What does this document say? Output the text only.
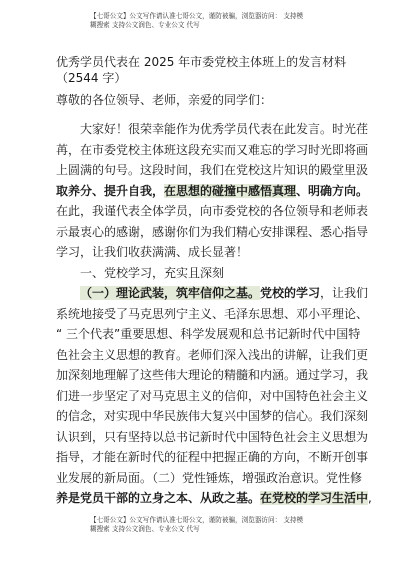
【七哥公文】公文写作请认准七哥公文，谨防被骗，浏览器访问： 支持模
糊搜索 支持公文润色、专业公文 代写
优秀学员代表在 2025 年市委党校主体班上的发言材料
（2544 字）
尊敬的各位领导、老师，亲爱的同学们：
大家好！很荣幸能作为优秀学员代表在此发言。时光荏
苒，在市委党校主体班这段充实而又难忘的学习时光即将画
上圆满的句号。这段时间，我们在党校这片知识的殿堂里汲
取养分、提升自我，在思想的碰撞中感悟真理、明确方向。
在此，我谨代表全体学员，向市委党校的各位领导和老师表
示最衷心的感谢，感谢你们为我们精心安排课程、悉心指导
学习，让我们收获满满、成长显著！
一、党校学习，充实且深刻
（一）理论武装，筑牢信仰之基。党校的学习，让我们
系统地接受了马克思列宁主义、毛泽东思想、邓小平理论、
“ 三个代表”重要思想、科学发展观和总书记新时代中国特
色社会主义思想的教育。老师们深入浅出的讲解，让我们更
加深刻地理解了这些伟大理论的精髓和内涵。通过学习，我
们进一步坚定了对马克思主义的信仰，对中国特色社会主义
的信念，对实现中华民族伟大复兴中国梦的信心。我们深刻
认识到，只有坚持以总书记新时代中国特色社会主义思想为
指导，才能在新时代的征程中把握正确的方向，不断开创事
业发展的新局面。（二）党性锤炼，增强政治意识。党性修
养是党员干部的立身之本、从政之基。在党校的学习生活中,
【七哥公文】公文写作请认准七哥公文，谨防被骗，浏览器访问： 支持模
糊搜索 支持公文润色、专业公文 代写
